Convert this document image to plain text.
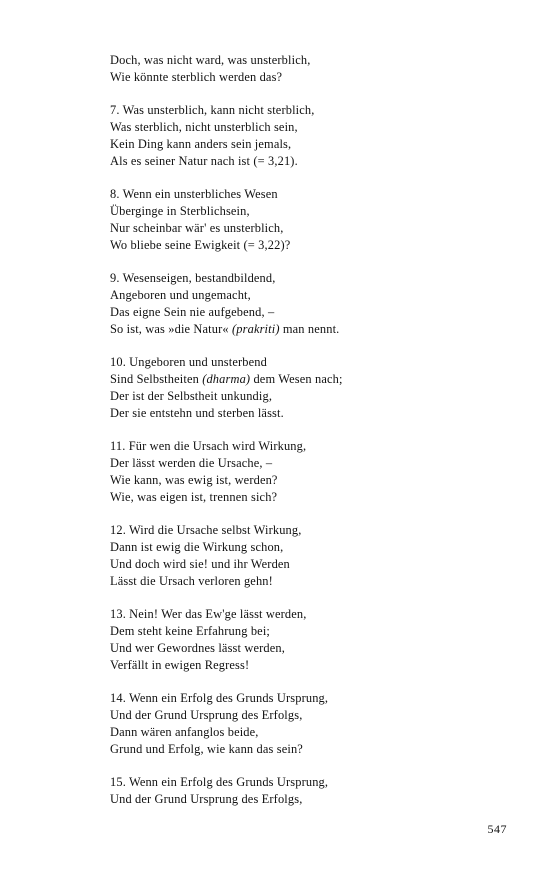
Doch, was nicht ward, was unsterblich,
Wie könnte sterblich werden das?
7. Was unsterblich, kann nicht sterblich,
Was sterblich, nicht unsterblich sein,
Kein Ding kann anders sein jemals,
Als es seiner Natur nach ist (= 3,21).
8. Wenn ein unsterbliches Wesen
Überginge in Sterblichsein,
Nur scheinbar wär' es unsterblich,
Wo bliebe seine Ewigkeit (= 3,22)?
9. Wesenseigen, bestandbildend,
Angeboren und ungemacht,
Das eigne Sein nie aufgebend, –
So ist, was »die Natur« (prakriti) man nennt.
10. Ungeboren und unsterbend
Sind Selbstheiten (dharma) dem Wesen nach;
Der ist der Selbstheit unkundig,
Der sie entstehn und sterben lässt.
11. Für wen die Ursach wird Wirkung,
Der lässt werden die Ursache, –
Wie kann, was ewig ist, werden?
Wie, was eigen ist, trennen sich?
12. Wird die Ursache selbst Wirkung,
Dann ist ewig die Wirkung schon,
Und doch wird sie! und ihr Werden
Lässt die Ursach verloren gehn!
13. Nein! Wer das Ew'ge lässt werden,
Dem steht keine Erfahrung bei;
Und wer Gewordnes lässt werden,
Verfällt in ewigen Regress!
14. Wenn ein Erfolg des Grunds Ursprung,
Und der Grund Ursprung des Erfolgs,
Dann wären anfanglos beide,
Grund und Erfolg, wie kann das sein?
15. Wenn ein Erfolg des Grunds Ursprung,
Und der Grund Ursprung des Erfolgs,
547
